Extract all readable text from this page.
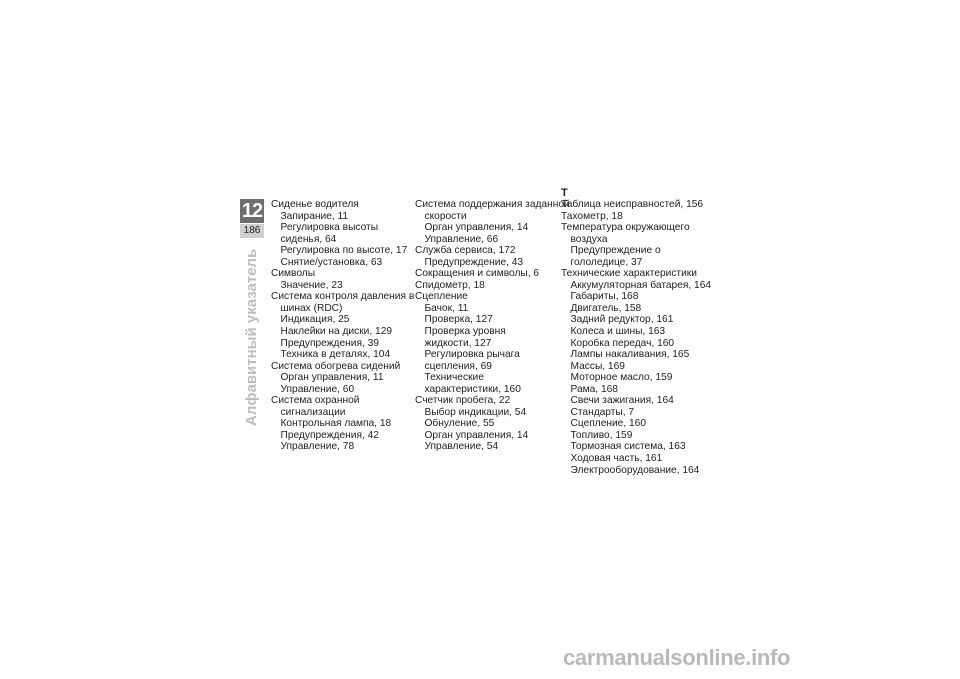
12
186
Алфавитный указатель
Сиденье водителя
Запирание, 11
Регулировка высоты
сиденья, 64
Регулировка по высоте, 17
Снятие/установка, 63
Символы
Значение, 23
Система контроля давления в
шинах (RDC)
Индикация, 25
Наклейки на диски, 129
Предупреждения, 39
Техника в деталях, 104
Система обогрева сидений
Орган управления, 11
Управление, 60
Система охранной
сигнализации
Контрольная лампа, 18
Предупреждения, 42
Управление, 78
Система поддержания заданной
скорости
Орган управления, 14
Управление, 66
Служба сервиса, 172
Предупреждение, 43
Сокращения и символы, 6
Спидометр, 18
Сцепление
Бачок, 11
Проверка, 127
Проверка уровня
жидкости, 127
Регулировка рычага
сцепления, 69
Технические
характеристики, 160
Счетчик пробега, 22
Выбор индикации, 54
Обнуление, 55
Орган управления, 14
Управление, 54
Т
Таблица неисправностей, 156
Тахометр, 18
Температура окружающего
воздуха
Предупреждение о
гололедице, 37
Технические характеристики
Аккумуляторная батарея, 164
Габариты, 168
Двигатель, 158
Задний редуктор, 161
Колеса и шины, 163
Коробка передач, 160
Лампы накаливания, 165
Массы, 169
Моторное масло, 159
Рама, 168
Свечи зажигания, 164
Стандарты, 7
Сцепление, 160
Топливо, 159
Тормозная система, 163
Ходовая часть, 161
Электрооборудование, 164
carmanualsonline.info
